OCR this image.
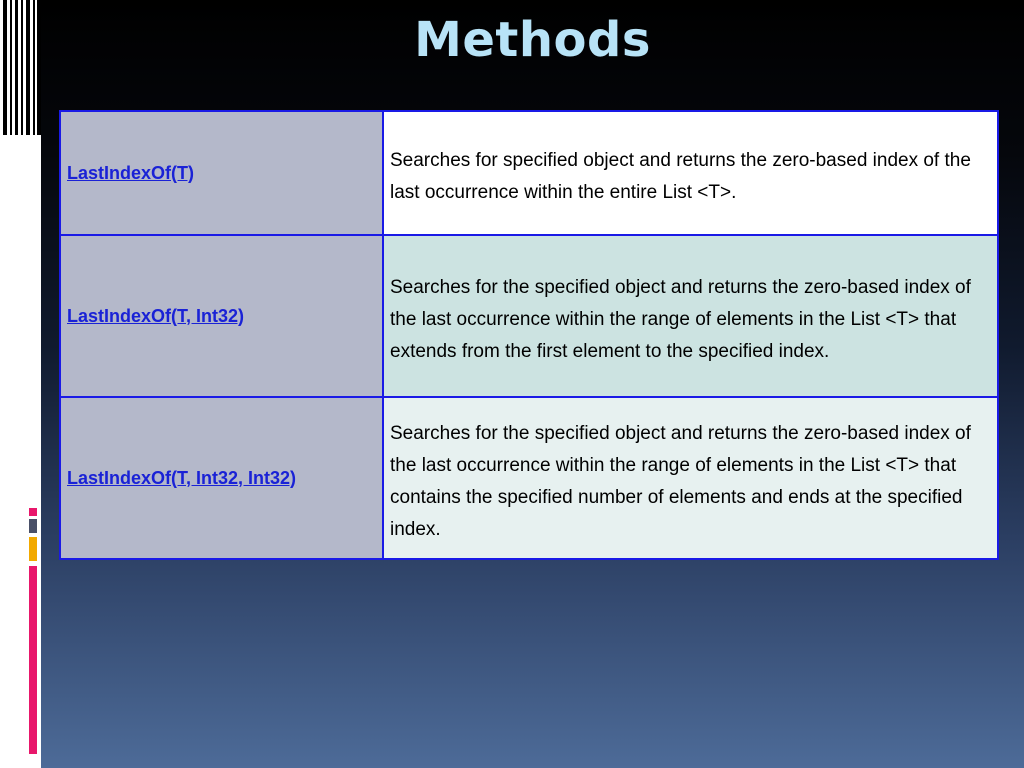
Methods
LastIndexOf(T)	Searches for specified object and returns the zero-based index of the last occurrence within the entire List <T>.

LastIndexOf(T, Int32)	Searches for the specified object and returns the zero-based index of the last occurrence within the range of elements in the List <T> that extends from the first element to the specified index.

LastIndexOf(T, Int32, Int32)	Searches for the specified object and returns the zero-based index of the last occurrence within the range of elements in the List <T> that contains the specified number of elements and ends at the specified index.
